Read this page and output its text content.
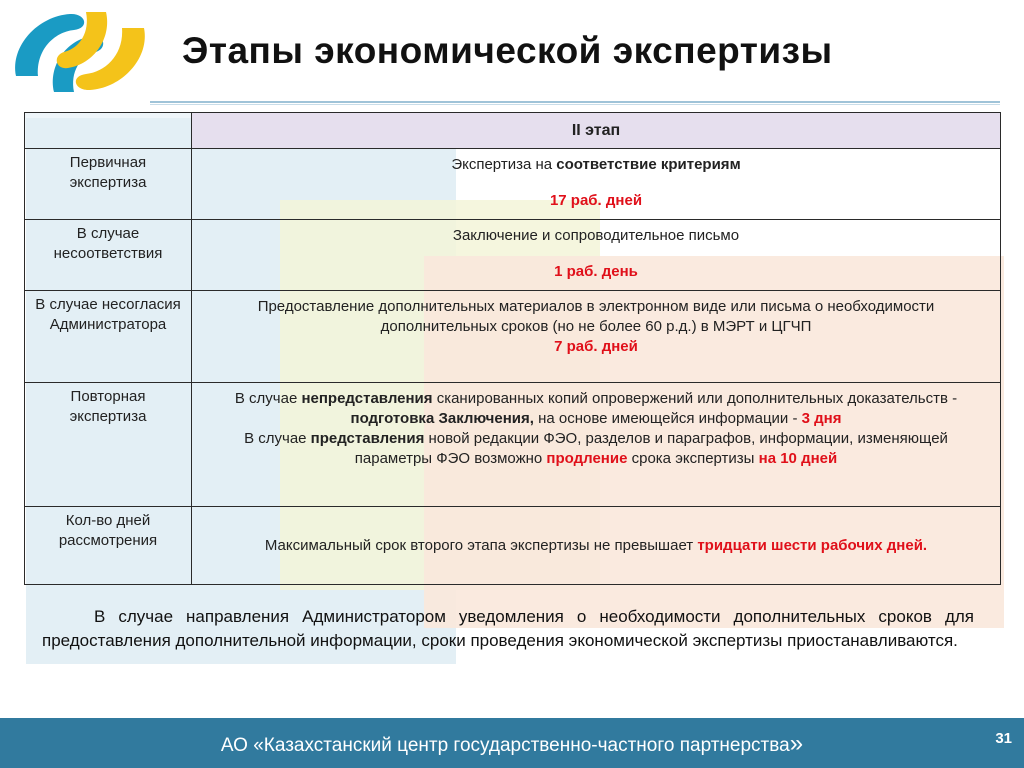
Этапы экономической экспертизы
	II этап
Первичная экспертиза	Экспертиза на соответствие критериям

17 раб. дней

В случае несоответствия	Заключение и сопроводительное письмо

1 раб. день

В случае несогласия Администратора	Предоставление дополнительных материалов в электронном виде или письма о необходимости дополнительных сроков (но не более 60 р.д.) в МЭРТ и ЦГЧП

7 раб. дней

Повторная экспертиза	В случае непредставления сканированных копий опровержений или дополнительных доказательств - подготовка Заключения, на основе имеющейся информации - 3 дня

В случае представления новой редакции ФЭО, разделов и параграфов, информации, изменяющей параметры ФЭО возможно продление срока экспертизы на 10 дней

Кол-во дней рассмотрения	Максимальный срок второго этапа экспертизы не превышает тридцати шести рабочих дней.

В случае направления Администратором уведомления о необходимости дополнительных сроков для предоставления дополнительной информации, сроки проведения экономической экспертизы приостанавливаются.

АО «Казахстанский центр государственно-частного партнерства»	31
